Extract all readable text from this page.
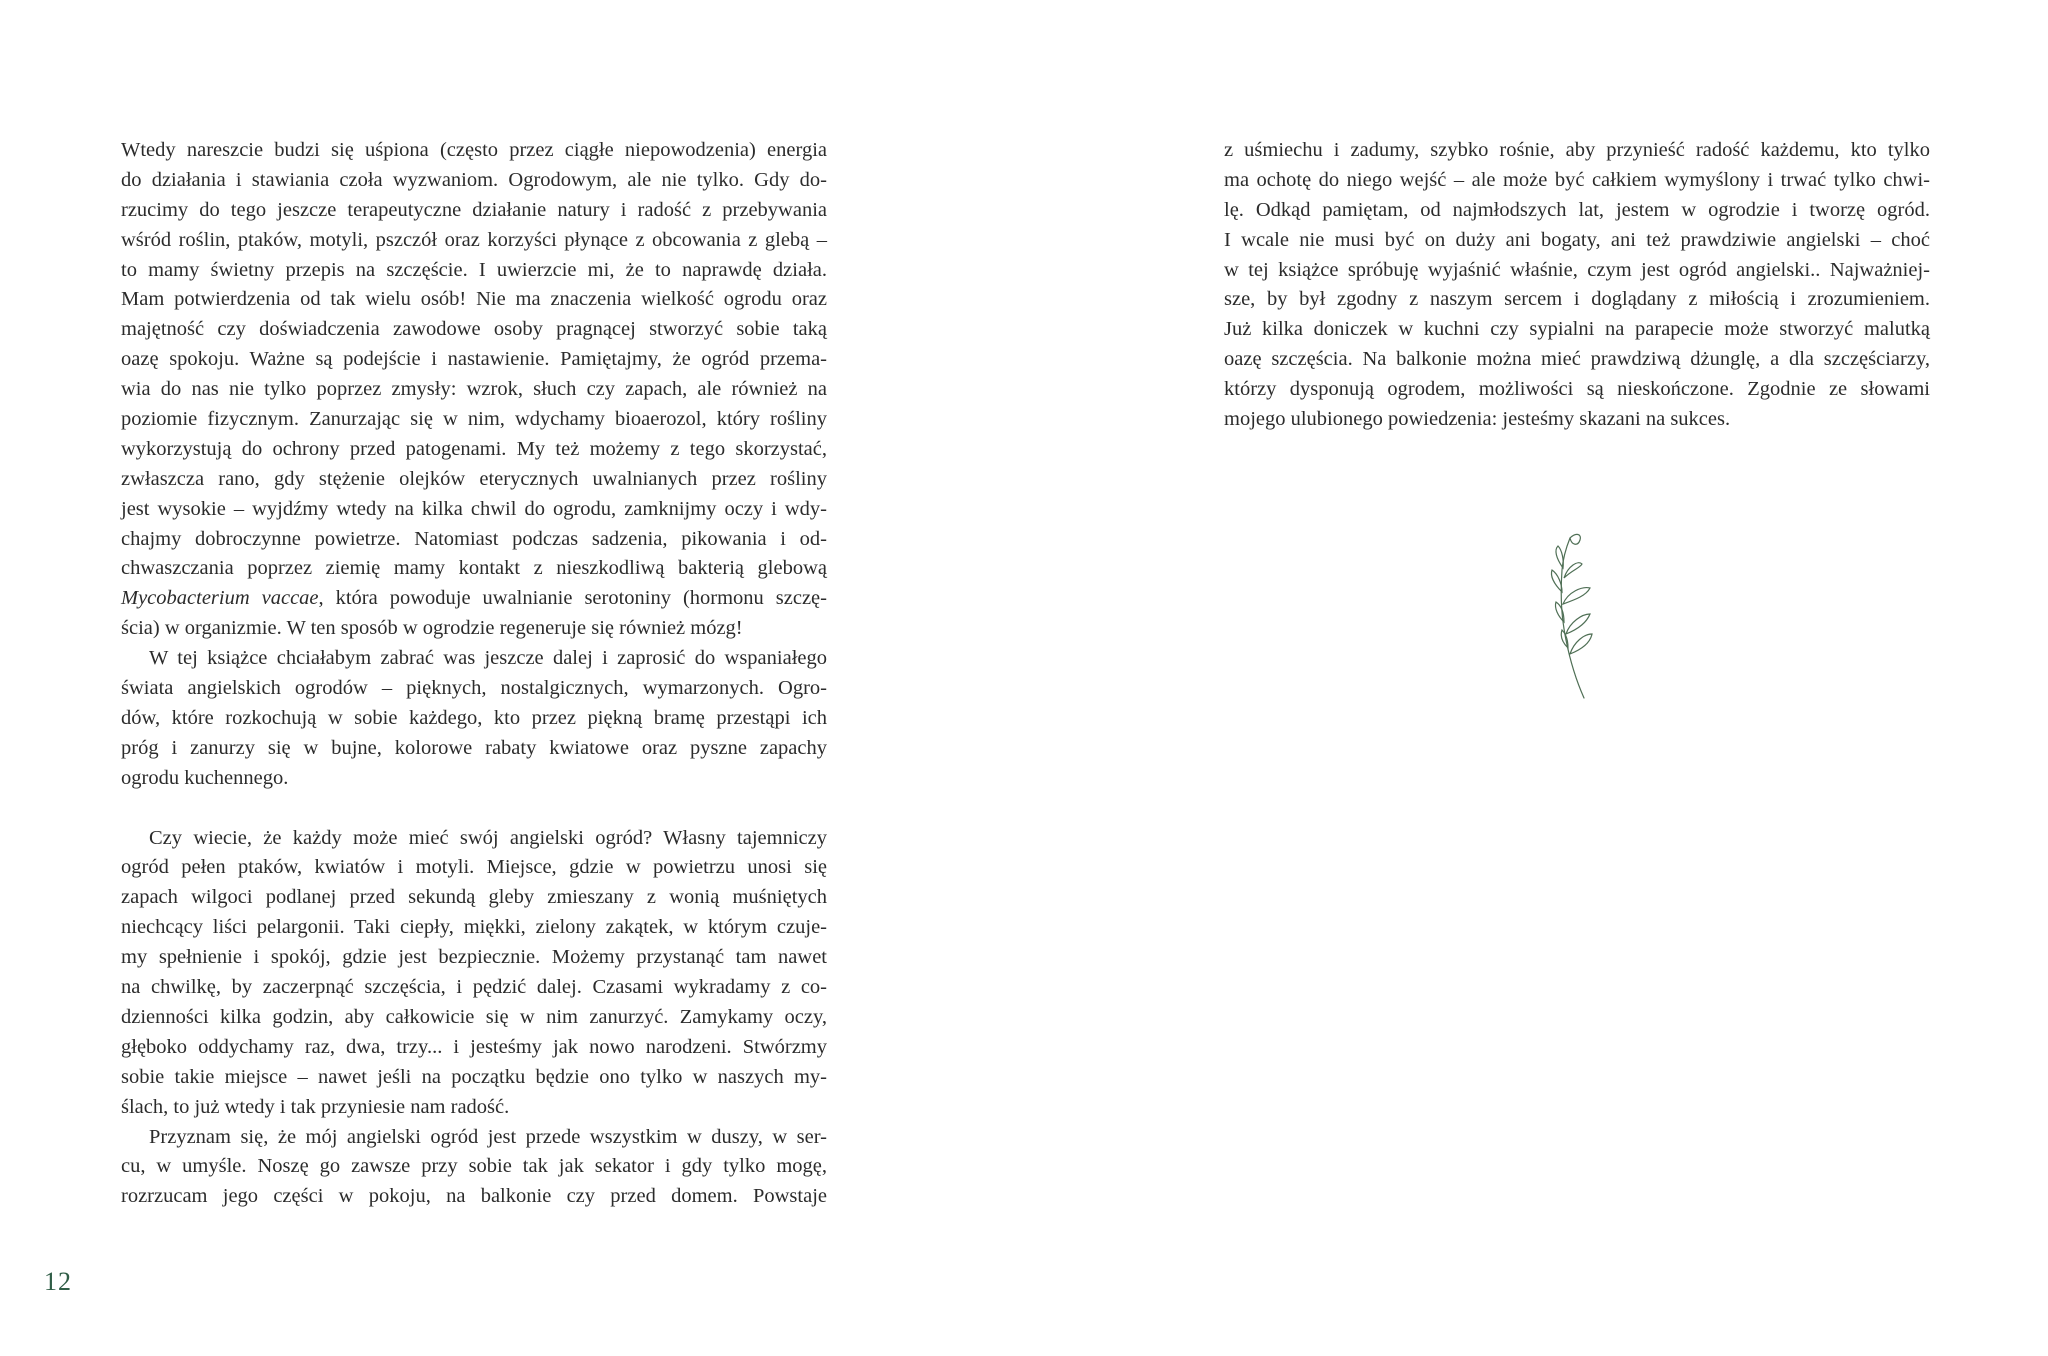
Wtedy nareszcie budzi się uśpiona (często przez ciągłe niepowodzenia) energia
do działania i stawiania czoła wyzwaniom. Ogrodowym, ale nie tylko. Gdy do-
rzucimy do tego jeszcze terapeutyczne działanie natury i radość z przebywania
wśród roślin, ptaków, motyli, pszczół oraz korzyści płynące z obcowania z glebą –
to mamy świetny przepis na szczęście. I uwierzcie mi, że to naprawdę działa.
Mam potwierdzenia od tak wielu osób! Nie ma znaczenia wielkość ogrodu oraz
majętność czy doświadczenia zawodowe osoby pragnącej stworzyć sobie taką
oazę spokoju. Ważne są podejście i nastawienie. Pamiętajmy, że ogród przema-
wia do nas nie tylko poprzez zmysły: wzrok, słuch czy zapach, ale również na
poziomie fizycznym. Zanurzając się w nim, wdychamy bioaerozol, który rośliny
wykorzystują do ochrony przed patogenami. My też możemy z tego skorzystać,
zwłaszcza rano, gdy stężenie olejków eterycznych uwalnianych przez rośliny
jest wysokie – wyjdźmy wtedy na kilka chwil do ogrodu, zamknijmy oczy i wdy-
chajmy dobroczynne powietrze. Natomiast podczas sadzenia, pikowania i od-
chwaszczania poprzez ziemię mamy kontakt z nieszkodliwą bakterią glebową
Mycobacterium vaccae, która powoduje uwalnianie serotoniny (hormonu szczę-
ścia) w organizmie. W ten sposób w ogrodzie regeneruje się również mózg!
W tej książce chciałabym zabrać was jeszcze dalej i zaprosić do wspaniałego
świata angielskich ogrodów – pięknych, nostalgicznych, wymarzonych. Ogro-
dów, które rozkochują w sobie każdego, kto przez piękną bramę przestąpi ich
próg i zanurzy się w bujne, kolorowe rabaty kwiatowe oraz pyszne zapachy
ogrodu kuchennego.
Czy wiecie, że każdy może mieć swój angielski ogród? Własny tajemniczy
ogród pełen ptaków, kwiatów i motyli. Miejsce, gdzie w powietrzu unosi się
zapach wilgoci podlanej przed sekundą gleby zmieszany z wonią muśniętych
niechcący liści pelargonii. Taki ciepły, miękki, zielony zakątek, w którym czuje-
my spełnienie i spokój, gdzie jest bezpiecznie. Możemy przystanąć tam nawet
na chwilkę, by zaczerpnąć szczęścia, i pędzić dalej. Czasami wykradamy z co-
dzienności kilka godzin, aby całkowicie się w nim zanurzyć. Zamykamy oczy,
głęboko oddychamy raz, dwa, trzy... i jesteśmy jak nowo narodzeni. Stwórzmy
sobie takie miejsce – nawet jeśli na początku będzie ono tylko w naszych my-
ślach, to już wtedy i tak przyniesie nam radość.
Przyznam się, że mój angielski ogród jest przede wszystkim w duszy, w ser-
cu, w umyśle. Noszę go zawsze przy sobie tak jak sekator i gdy tylko mogę,
rozrzucam jego części w pokoju, na balkonie czy przed domem. Powstaje
z uśmiechu i zadumy, szybko rośnie, aby przynieść radość każdemu, kto tylko
ma ochotę do niego wejść – ale może być całkiem wymyślony i trwać tylko chwi-
lę. Odkąd pamiętam, od najmłodszych lat, jestem w ogrodzie i tworzę ogród.
I wcale nie musi być on duży ani bogaty, ani też prawdziwie angielski – choć
w tej książce spróbuję wyjaśnić właśnie, czym jest ogród angielski.. Najważniej-
sze, by był zgodny z naszym sercem i doglądany z miłością i zrozumieniem.
Już kilka doniczek w kuchni czy sypialni na parapecie może stworzyć malutką
oazę szczęścia. Na balkonie można mieć prawdziwą dżunglę, a dla szczęściarzy,
którzy dysponują ogrodem, możliwości są nieskończone. Zgodnie ze słowami
mojego ulubionego powiedzenia: jesteśmy skazani na sukces.
12
